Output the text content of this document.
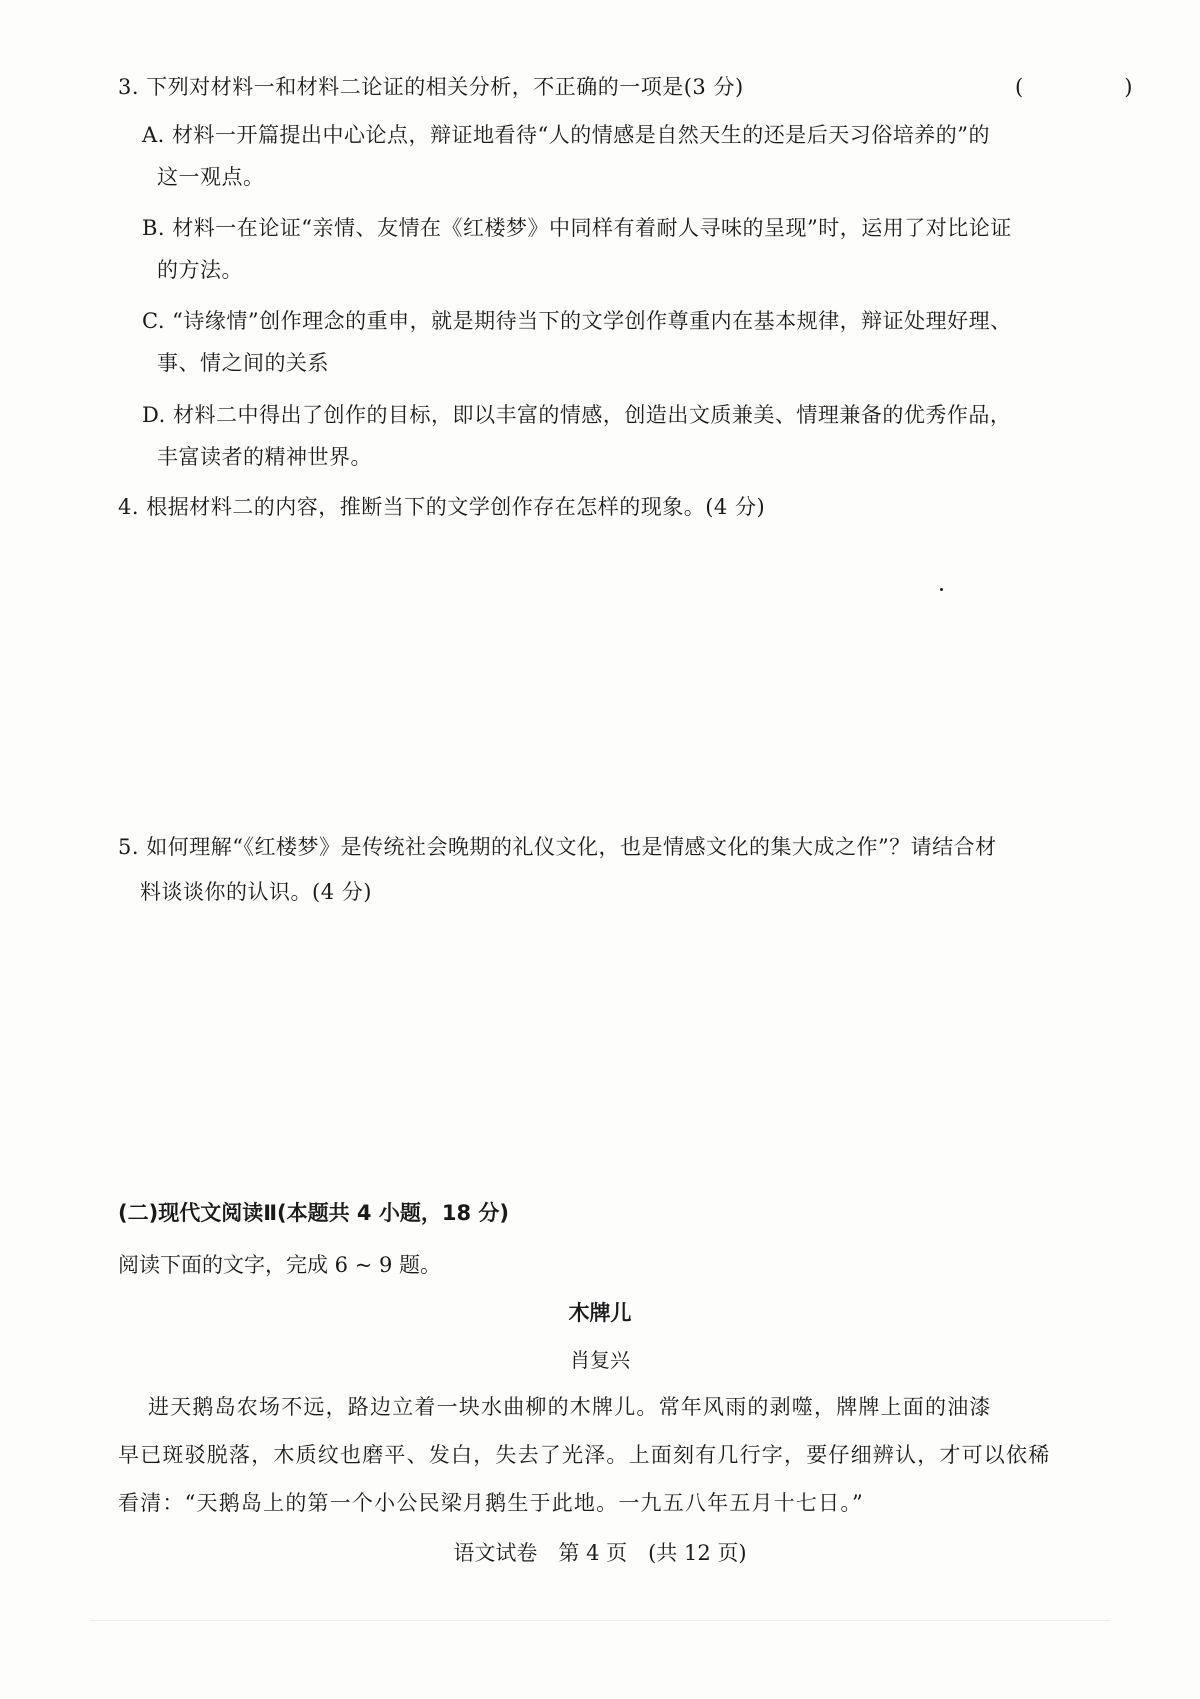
3. 下列对材料一和材料二论证的相关分析，不正确的一项是(3 分)	(　)
A. 材料一开篇提出中心论点，辩证地看待“人的情感是自然天生的还是后天习俗培养的”的
这一观点。
B. 材料一在论证“亲情、友情在《红楼梦》中同样有着耐人寻味的呈现”时，运用了对比论证
的方法。
C. “诗缘情”创作理念的重申，就是期待当下的文学创作尊重内在基本规律，辩证处理好理、
事、情之间的关系
D. 材料二中得出了创作的目标，即以丰富的情感，创造出文质兼美、情理兼备的优秀作品，
丰富读者的精神世界。
4. 根据材料二的内容，推断当下的文学创作存在怎样的现象。(4 分)
5. 如何理解“《红楼梦》是传统社会晚期的礼仪文化，也是情感文化的集大成之作”？请结合材
料谈谈你的认识。(4 分)
(二)现代文阅读Ⅱ(本题共 4 小题，18 分)
阅读下面的文字，完成 6 ~ 9 题。
木牌儿
肖复兴
进天鹅岛农场不远，路边立着一块水曲柳的木牌儿。常年风雨的剥噬，牌牌上面的油漆
早已斑驳脱落，木质纹也磨平、发白，失去了光泽。上面刻有几行字，要仔细辨认，才可以依稀
看清：“天鹅岛上的第一个小公民梁月鹅生于此地。一九五八年五月十七日。”
语文试卷　第 4 页　(共 12 页)
